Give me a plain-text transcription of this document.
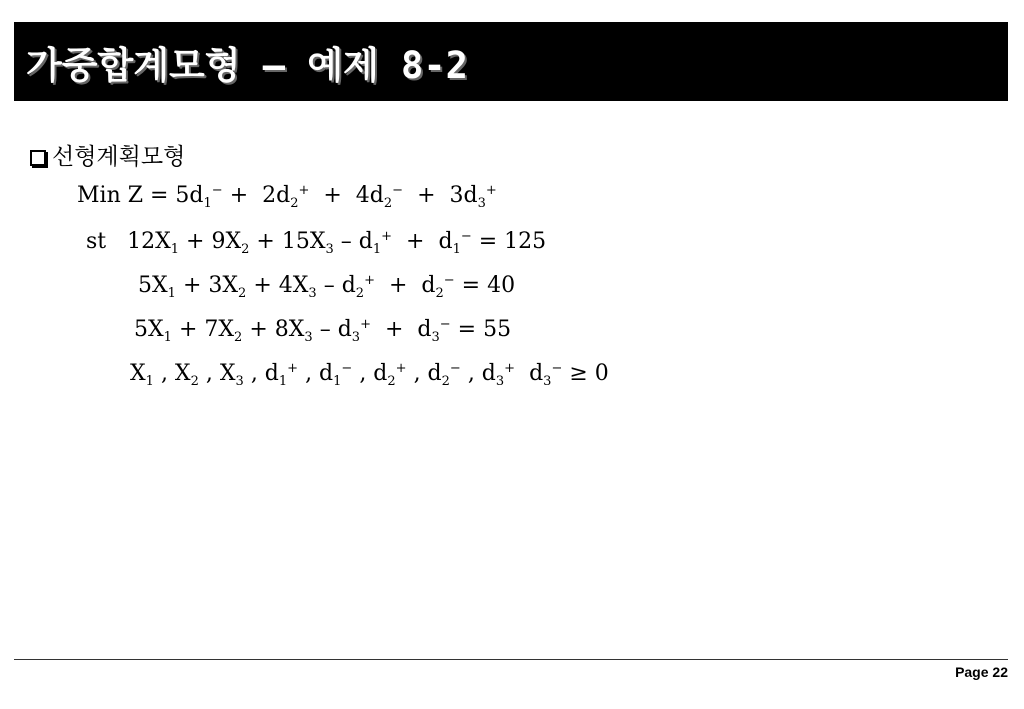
가중합계모형 – 예제 8-2
선형계획모형
Min $Z = 5d_1^- + 2d_2^+ + 4d_2^- + 3d_3^+$
st   $12X_1 + 9X_2 + 15X_3 - d_1^+ + d_1^- = 125$
$5X_1 + 3X_2 + 4X_3 - d_2^+ + d_2^- = 40$
$5X_1 + 7X_2 + 8X_3 - d_3^+ + d_3^- = 55$
$X_1$ , $X_2$ , $X_3$ , $d_1^+$ , $d_1^-$ , $d_2^+$ , $d_2^-$ , $d_3^+$  $d_3^- \ge 0$
Page 22
